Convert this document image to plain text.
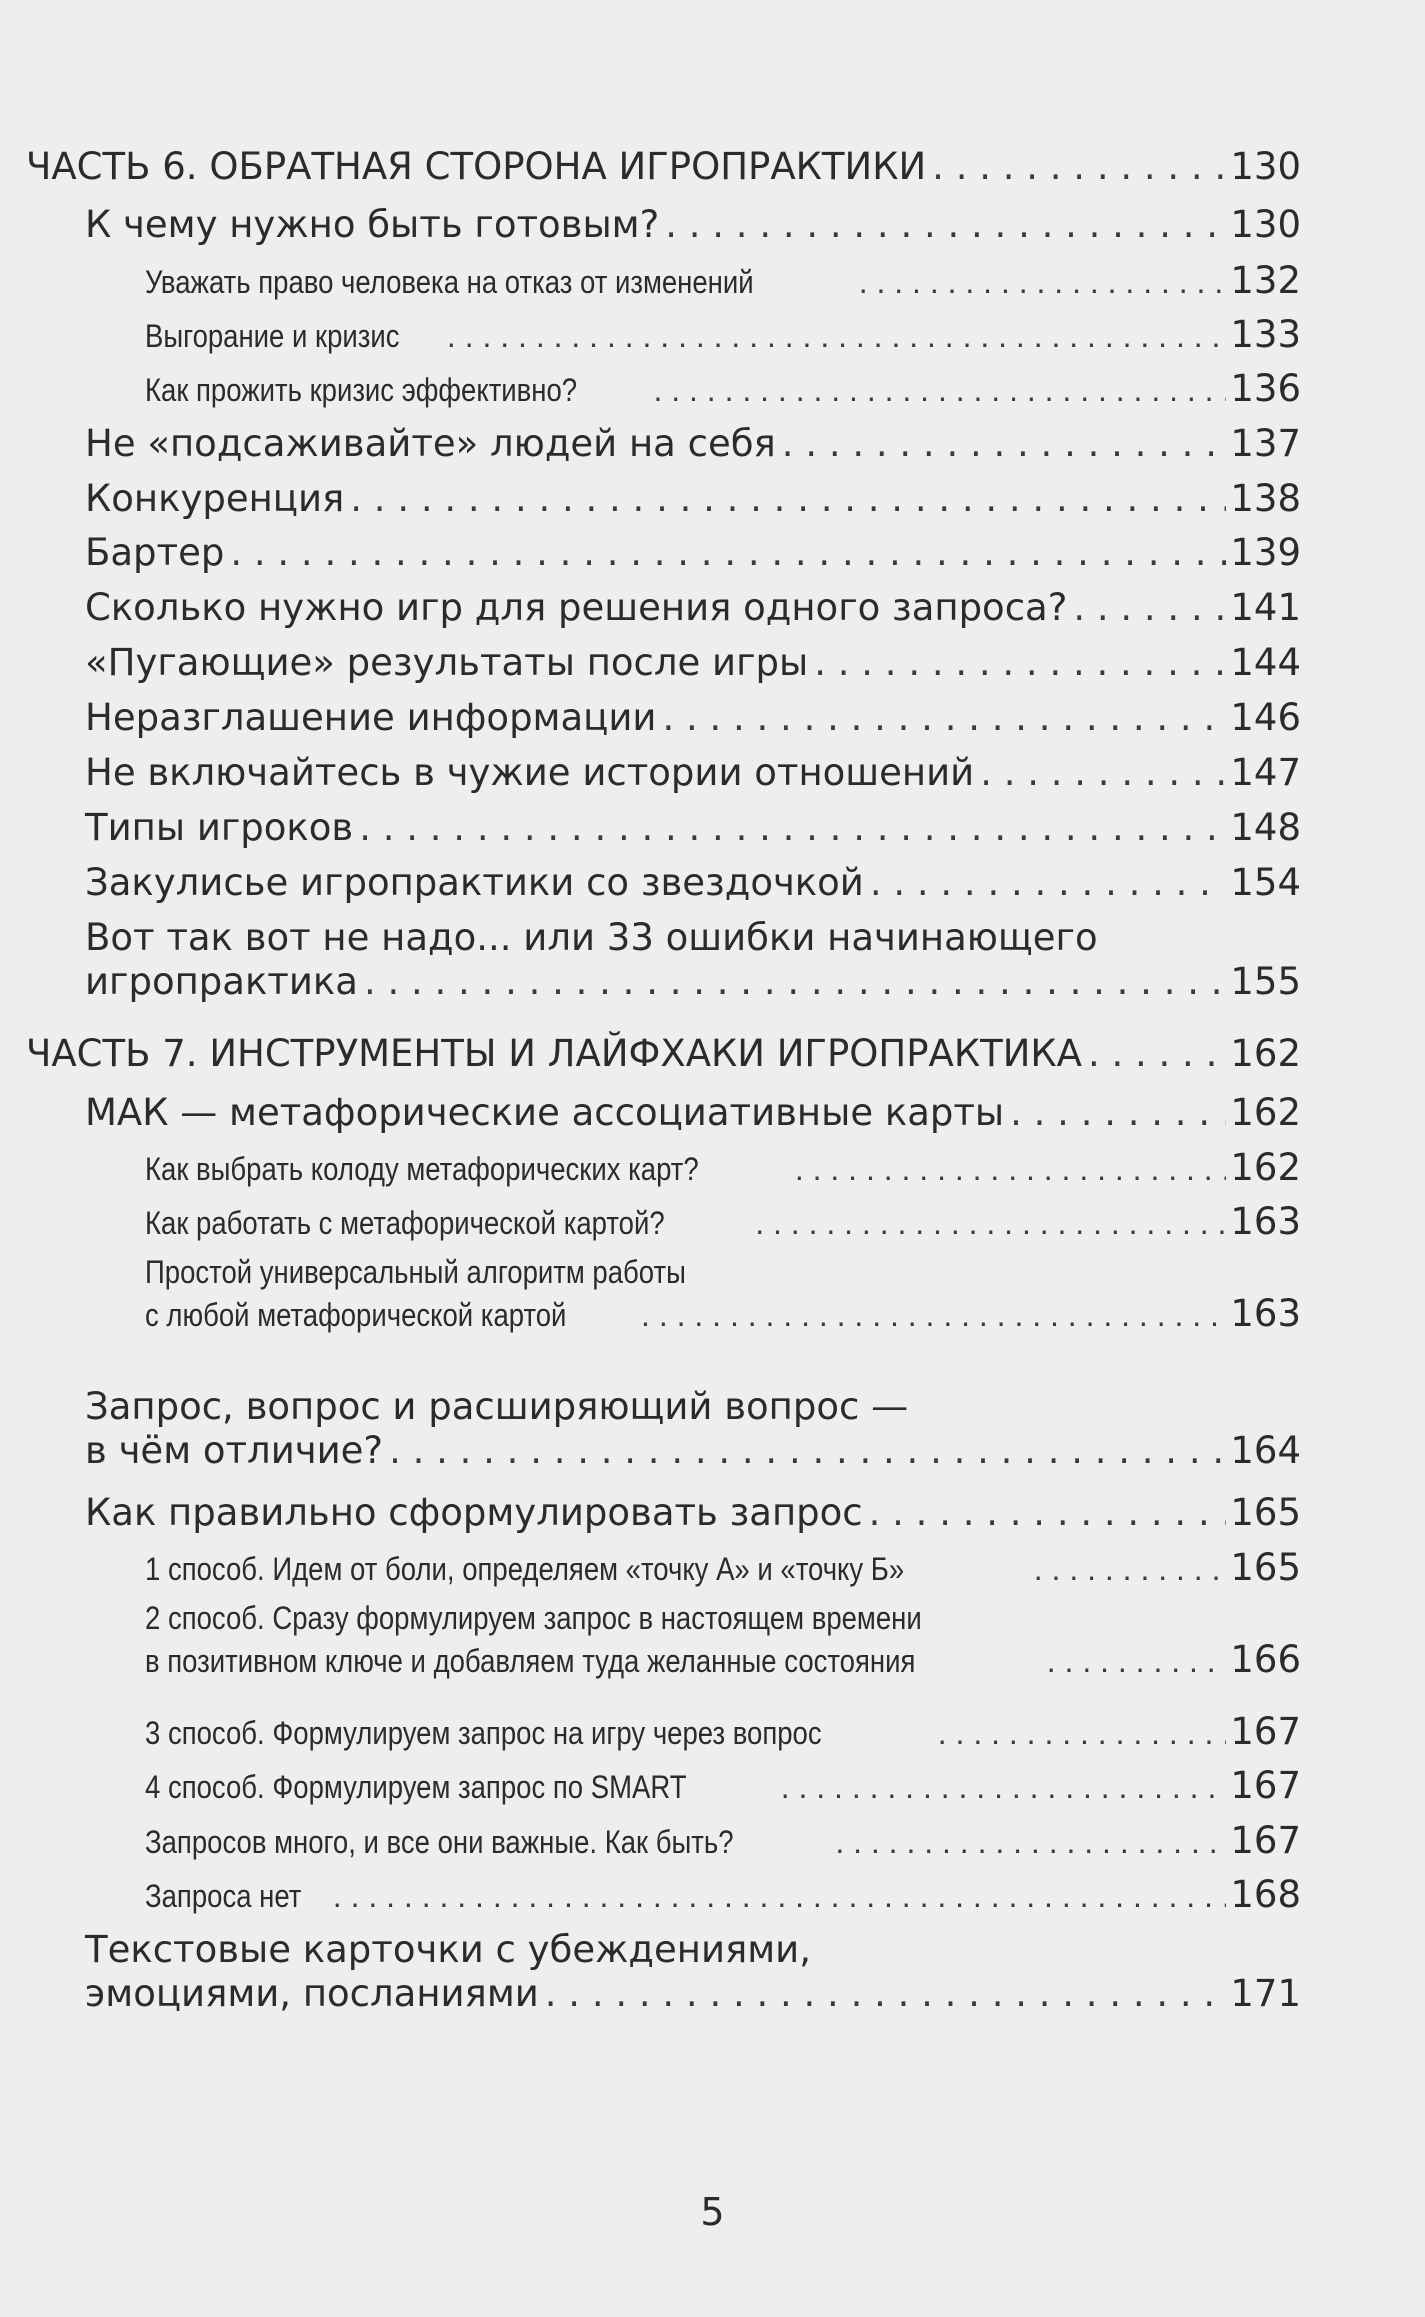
ЧАСТЬ 6. ОБРАТНАЯ СТОРОНА ИГРОПРАКТИКИ . . .	130
К чему нужно быть готовым? . . .	130
Уважать право человека на отказ от изменений . . .	132
Выгорание и кризис . . .	133
Как прожить кризис эффективно? . . .	136
Не «подсаживайте» людей на себя . . .	137
Конкуренция . . .	138
Бартер . . .	139
Сколько нужно игр для решения одного запроса? . . .	141
«Пугающие» результаты после игры . . .	144
Неразглашение информации . . .	146
Не включайтесь в чужие истории отношений . . .	147
Типы игроков . . .	148
Закулисье игропрактики со звездочкой . . .	154
Вот так вот не надо... или 33 ошибки начинающего
игропрактика . . .	155
ЧАСТЬ 7. ИНСТРУМЕНТЫ И ЛАЙФХАКИ ИГРОПРАКТИКА . . .	162
МАК — метафорические ассоциативные карты . . .	162
Как выбрать колоду метафорических карт? . . .	162
Как работать с метафорической картой? . . .	163
Простой универсальный алгоритм работы
с любой метафорической картой . . .	163
Запрос, вопрос и расширяющий вопрос —
в чём отличие? . . .	164
Как правильно сформулировать запрос . . .	165
1 способ. Идем от боли, определяем «точку А» и «точку Б» . . .	165
2 способ. Сразу формулируем запрос в настоящем времени
в позитивном ключе и добавляем туда желанные состояния . . .	166
3 способ. Формулируем запрос на игру через вопрос . . .	167
4 способ. Формулируем запрос по SMART . . .	167
Запросов много, и все они важные. Как быть? . . .	167
Запроса нет . . .	168
Текстовые карточки с убеждениями,
эмоциями, посланиями . . .	171
5
